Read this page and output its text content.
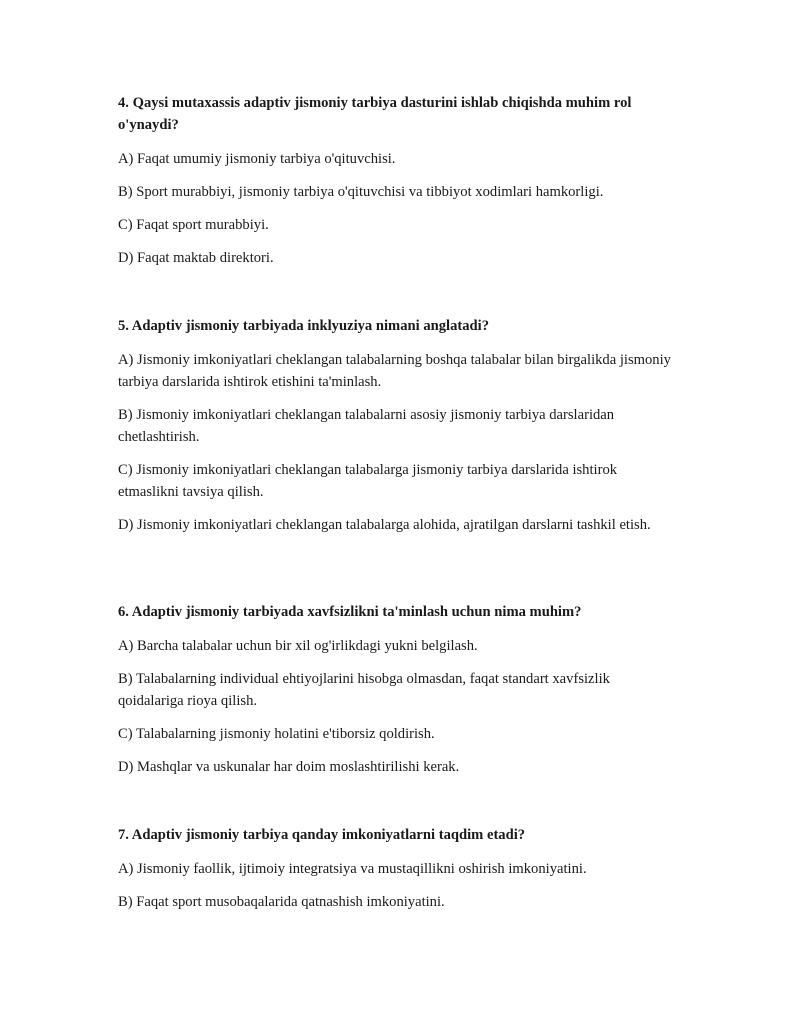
4. Qaysi mutaxassis adaptiv jismoniy tarbiya dasturini ishlab chiqishda muhim rol o'ynaydi?

A) Faqat umumiy jismoniy tarbiya o'qituvchisi.

B) Sport murabbiyi, jismoniy tarbiya o'qituvchisi va tibbiyot xodimlari hamkorligi.

C) Faqat sport murabbiyi.

D) Faqat maktab direktori.

5. Adaptiv jismoniy tarbiyada inklyuziya nimani anglatadi?

A) Jismoniy imkoniyatlari cheklangan talabalarning boshqa talabalar bilan birgalikda jismoniy tarbiya darslarida ishtirok etishini ta'minlash.

B) Jismoniy imkoniyatlari cheklangan talabalarni asosiy jismoniy tarbiya darslaridan chetlashtirish.

C) Jismoniy imkoniyatlari cheklangan talabalarga jismoniy tarbiya darslarida ishtirok etmaslikni tavsiya qilish.

D) Jismoniy imkoniyatlari cheklangan talabalarga alohida, ajratilgan darslarni tashkil etish.

6. Adaptiv jismoniy tarbiyada xavfsizlikni ta'minlash uchun nima muhim?

A) Barcha talabalar uchun bir xil og'irlikdagi yukni belgilash.

B) Talabalarning individual ehtiyojlarini hisobga olmasdan, faqat standart xavfsizlik qoidalariga rioya qilish.

C) Talabalarning jismoniy holatini e'tiborsiz qoldirish.

D) Mashqlar va uskunalar har doim moslashtirilishi kerak.

7. Adaptiv jismoniy tarbiya qanday imkoniyatlarni taqdim etadi?

A) Jismoniy faollik, ijtimoiy integratsiya va mustaqillikni oshirish imkoniyatini.

B) Faqat sport musobaqalarida qatnashish imkoniyatini.
